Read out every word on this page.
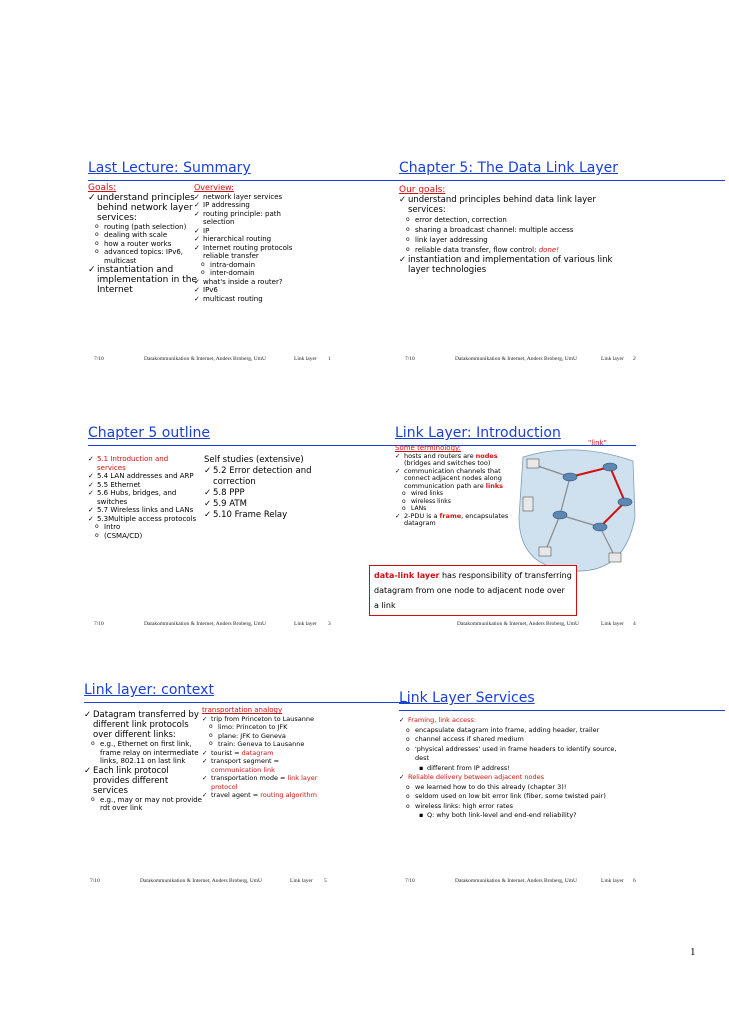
Last Lecture: Summary
Goals:
✓ understand principles behind network layer services:
o routing (path selection)
o dealing with scale
o how a router works
o advanced topics: IPv6, multicast
✓ instantiation and implementation in the Internet
Overview:
✓ network layer services
✓ IP addressing
✓ routing principle: path selection
✓ IP
✓ hierarchical routing
✓ Internet routing protocols reliable transfer
o intra-domain
o inter-domain
✓ what's inside a router?
✓ IPv6
✓ multicast routing
7/10	Datakommunikation & Internet, Anders Broberg, UmU	Link layer 1
Chapter 5: The Data Link Layer
Our goals:
✓ understand principles behind data link layer services:
o error detection, correction
o sharing a broadcast channel: multiple access
o link layer addressing
o reliable data transfer, flow control: done!
✓ instantiation and implementation of various link layer technologies
7/10	Datakommunikation & Internet, Anders Broberg, UmU	Link layer 2
Chapter 5 outline
✓ 5.1 Introduction and services
✓ 5.4 LAN addresses and ARP
✓ 5.5 Ethernet
✓ 5.6 Hubs, bridges, and switches
✓ 5.7 Wireless links and LANs
✓ 5.3Multiple access protocols
o Intro
o (CSMA/CD)
Self studies (extensive)
✓ 5.2 Error detection and correction
✓ 5.8 PPP
✓ 5.9 ATM
✓ 5.10 Frame Relay
7/10	Datakommunikation & Internet, Anders Broberg, UmU	Link layer 3
Link Layer: Introduction
Some terminology:
✓ hosts and routers are nodes (bridges and switches too)
✓ communication channels that connect adjacent nodes along communication path are links
o wired links
o wireless links
o LANs
✓ 2-PDU is a frame, encapsulates datagram
"link"
data-link layer has responsibility of transferring datagram from one node to adjacent node over a link
Datakommunikation & Internet, Anders Broberg, UmU	Link layer 4
Link layer: context
✓ Datagram transferred by different link protocols over different links:
o e.g., Ethernet on first link, frame relay on intermediate links, 802.11 on last link
✓ Each link protocol provides different services
o e.g., may or may not provide rdt over link
transportation analogy
✓ trip from Princeton to Lausanne
o limo: Princeton to JFK
o plane: JFK to Geneva
o train: Geneva to Lausanne
✓ tourist = datagram
✓ transport segment = communication link
✓ transportation mode = link layer protocol
✓ travel agent = routing algorithm
7/10	Datakommunikation & Internet, Anders Broberg, UmU	Link layer 5
Link Layer Services
✓ Framing, link access:
o encapsulate datagram into frame, adding header, trailer
o channel access if shared medium
o 'physical addresses' used in frame headers to identify source, dest
▪ different from IP address!
✓ Reliable delivery between adjacent nodes
o we learned how to do this already (chapter 3)!
o seldom used on low bit error link (fiber, some twisted pair)
o wireless links: high error rates
▪ Q: why both link-level and end-end reliability?
7/10	Datakommunikation & Internet, Anders Broberg, UmU	Link layer 6
1
